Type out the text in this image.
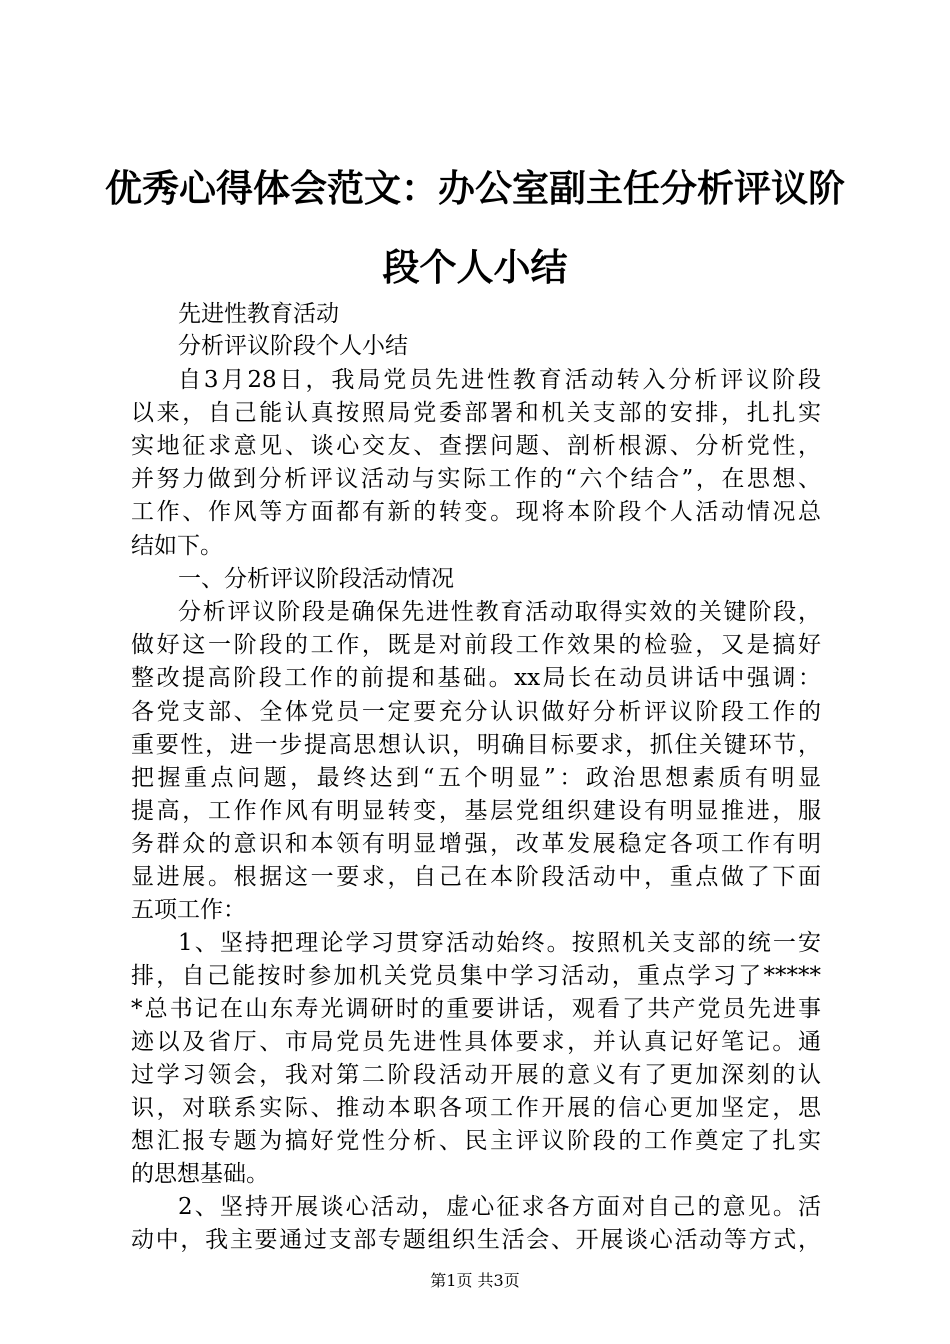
优秀心得体会范文：办公室副主任分析评议阶
段个人小结
先进性教育活动
分析评议阶段个人小结
自3月28日，我局党员先进性教育活动转入分析评议阶段
以来，自己能认真按照局党委部署和机关支部的安排，扎扎实
实地征求意见、谈心交友、查摆问题、剖析根源、分析党性，
并努力做到分析评议活动与实际工作的“六个结合”，在思想、
工作、作风等方面都有新的转变。现将本阶段个人活动情况总
结如下。
一、分析评议阶段活动情况
分析评议阶段是确保先进性教育活动取得实效的关键阶段，
做好这一阶段的工作，既是对前段工作效果的检验，又是搞好
整改提高阶段工作的前提和基础。xx局长在动员讲话中强调：
各党支部、全体党员一定要充分认识做好分析评议阶段工作的
重要性，进一步提高思想认识，明确目标要求，抓住关键环节，
把握重点问题，最终达到“五个明显”：政治思想素质有明显
提高，工作作风有明显转变，基层党组织建设有明显推进，服
务群众的意识和本领有明显增强，改革发展稳定各项工作有明
显进展。根据这一要求，自己在本阶段活动中，重点做了下面
五项工作：
1、坚持把理论学习贯穿活动始终。按照机关支部的统一安
排，自己能按时参加机关党员集中学习活动，重点学习了*****
*总书记在山东寿光调研时的重要讲话，观看了共产党员先进事
迹以及省厅、市局党员先进性具体要求，并认真记好笔记。通
过学习领会，我对第二阶段活动开展的意义有了更加深刻的认
识，对联系实际、推动本职各项工作开展的信心更加坚定，思
想汇报专题为搞好党性分析、民主评议阶段的工作奠定了扎实
的思想基础。
2、坚持开展谈心活动，虚心征求各方面对自己的意见。活
动中，我主要通过支部专题组织生活会、开展谈心活动等方式，
第1页 共3页
